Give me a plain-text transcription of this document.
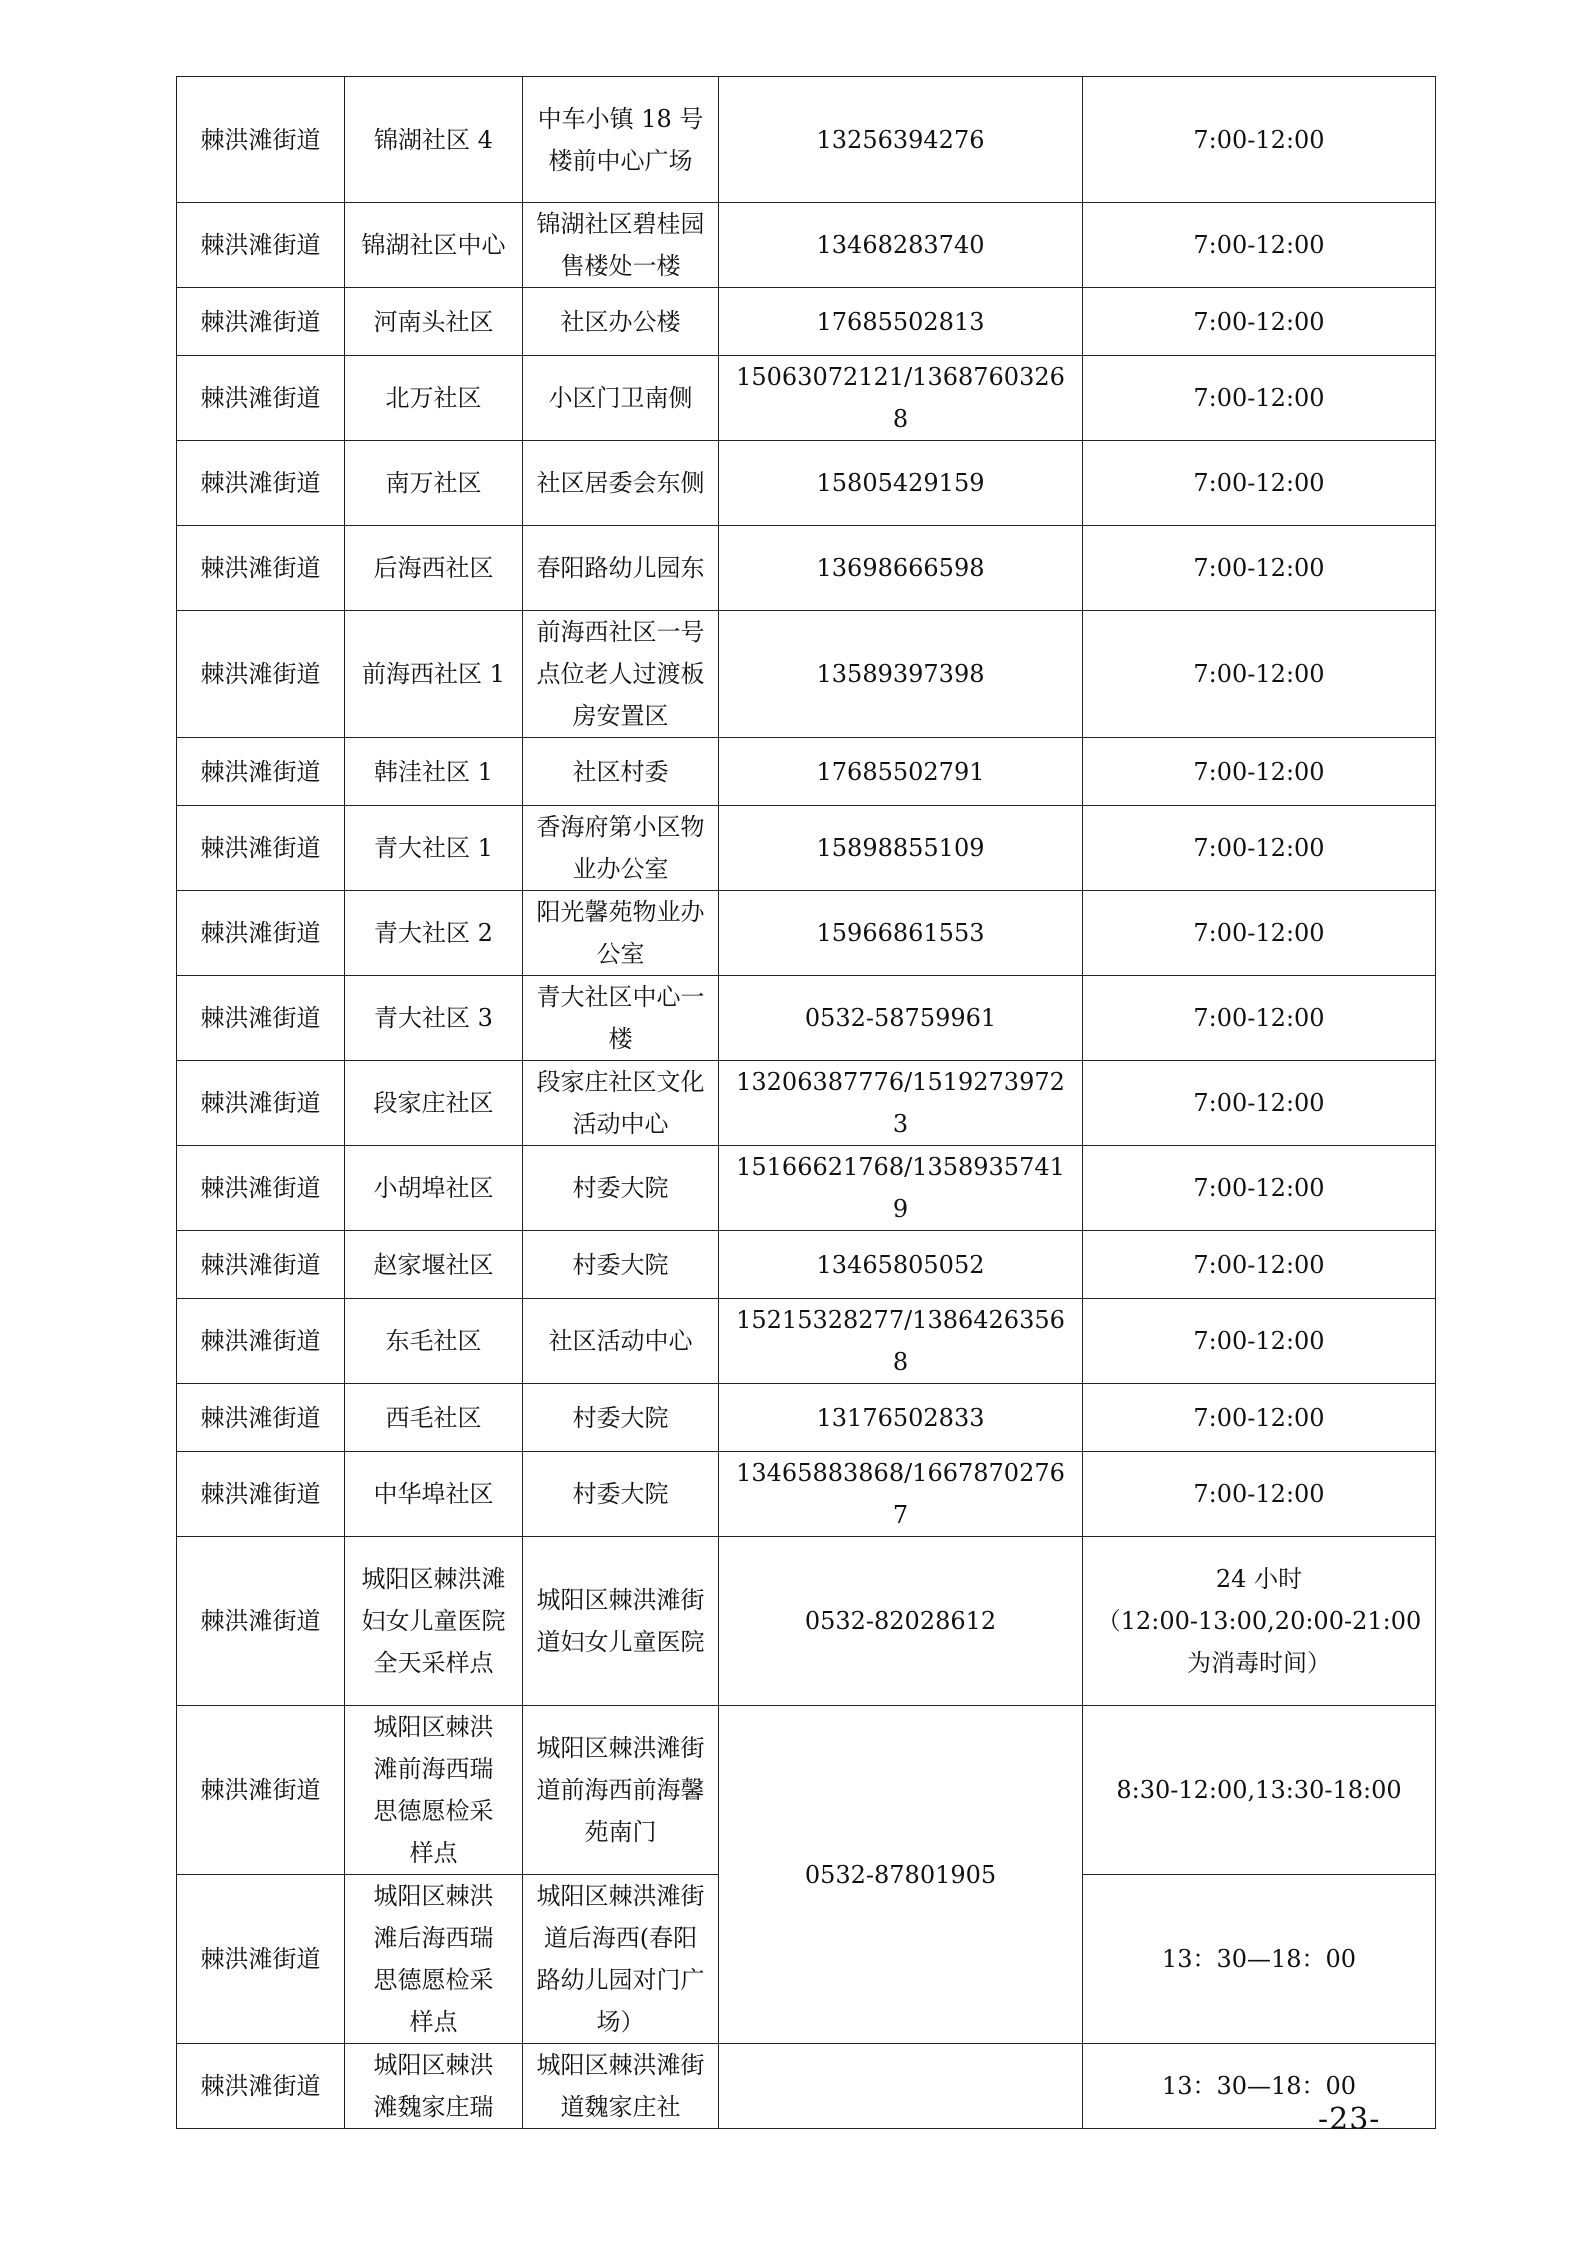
棘洪滩街道	锦湖社区 4	中车小镇 18 号楼前中心广场	13256394276	7:00-12:00
棘洪滩街道	锦湖社区中心	锦湖社区碧桂园售楼处一楼	13468283740	7:00-12:00
棘洪滩街道	河南头社区	社区办公楼	17685502813	7:00-12:00
棘洪滩街道	北万社区	小区门卫南侧	15063072121/13687603268	7:00-12:00
棘洪滩街道	南万社区	社区居委会东侧	15805429159	7:00-12:00
棘洪滩街道	后海西社区	春阳路幼儿园东	13698666598	7:00-12:00
棘洪滩街道	前海西社区 1	前海西社区一号点位老人过渡板房安置区	13589397398	7:00-12:00
棘洪滩街道	韩洼社区 1	社区村委	17685502791	7:00-12:00
棘洪滩街道	青大社区 1	香海府第小区物业办公室	15898855109	7:00-12:00
棘洪滩街道	青大社区 2	阳光馨苑物业办公室	15966861553	7:00-12:00
棘洪滩街道	青大社区 3	青大社区中心一楼	0532-58759961	7:00-12:00
棘洪滩街道	段家庄社区	段家庄社区文化活动中心	13206387776/15192739723	7:00-12:00
棘洪滩街道	小胡埠社区	村委大院	15166621768/13589357419	7:00-12:00
棘洪滩街道	赵家堰社区	村委大院	13465805052	7:00-12:00
棘洪滩街道	东毛社区	社区活动中心	15215328277/13864263568	7:00-12:00
棘洪滩街道	西毛社区	村委大院	13176502833	7:00-12:00
棘洪滩街道	中华埠社区	村委大院	13465883868/16678702767	7:00-12:00
棘洪滩街道	城阳区棘洪滩妇女儿童医院全天采样点	城阳区棘洪滩街道妇女儿童医院	0532-82028612	24 小时
（12:00-13:00,20:00-21:00
为消毒时间）

棘洪滩街道	城阳区棘洪滩前海西瑞思德愿检采样点	城阳区棘洪滩街道前海西前海馨苑南门	0532-87801905	8:30-12:00,13:30-18:00
棘洪滩街道	城阳区棘洪滩后海西瑞思德愿检采样点	城阳区棘洪滩街道后海西(春阳路幼儿园对门广场）		13：30—18：00
棘洪滩街道	城阳区棘洪滩魏家庄瑞	城阳区棘洪滩街道魏家庄社		13：30—18：00
-23-
